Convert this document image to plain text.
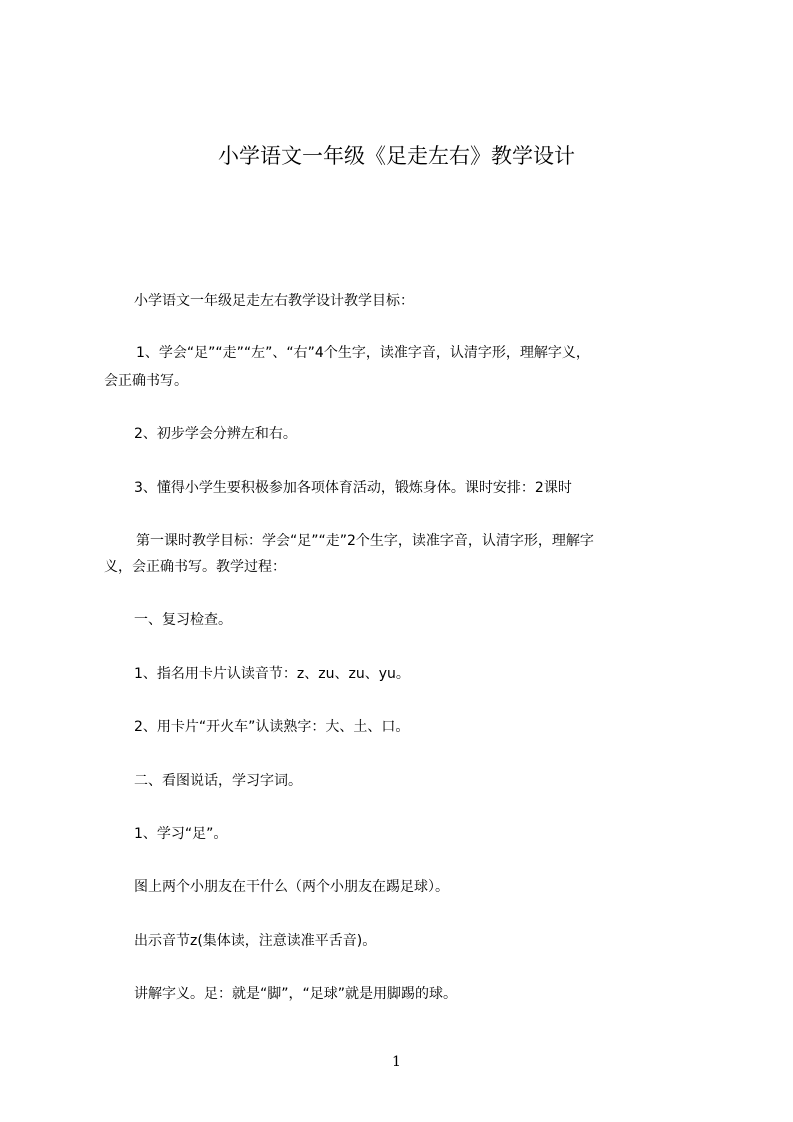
小学语文一年级《足走左右》教学设计
小学语文一年级足走左右教学设计教学目标：
1、学会“足”“走”“左”、“右”4个生字，读准字音，认清字形，理解字义，
会正确书写。
2、初步学会分辨左和右。
3、懂得小学生要积极参加各项体育活动，锻炼身体。课时安排：2课时
第一课时教学目标：学会“足”“走”2个生字，读准字音，认清字形，理解字
义，会正确书写。教学过程：
一、复习检查。
1、指名用卡片认读音节：z、zu、zu、yu。
2、用卡片“开火车”认读熟字：大、土、口。
二、看图说话，学习字词。
1、学习“足”。
图上两个小朋友在干什么（两个小朋友在踢足球）。
出示音节z(集体读，注意读准平舌音)。
讲解字义。足：就是“脚”，“足球”就是用脚踢的球。
1
